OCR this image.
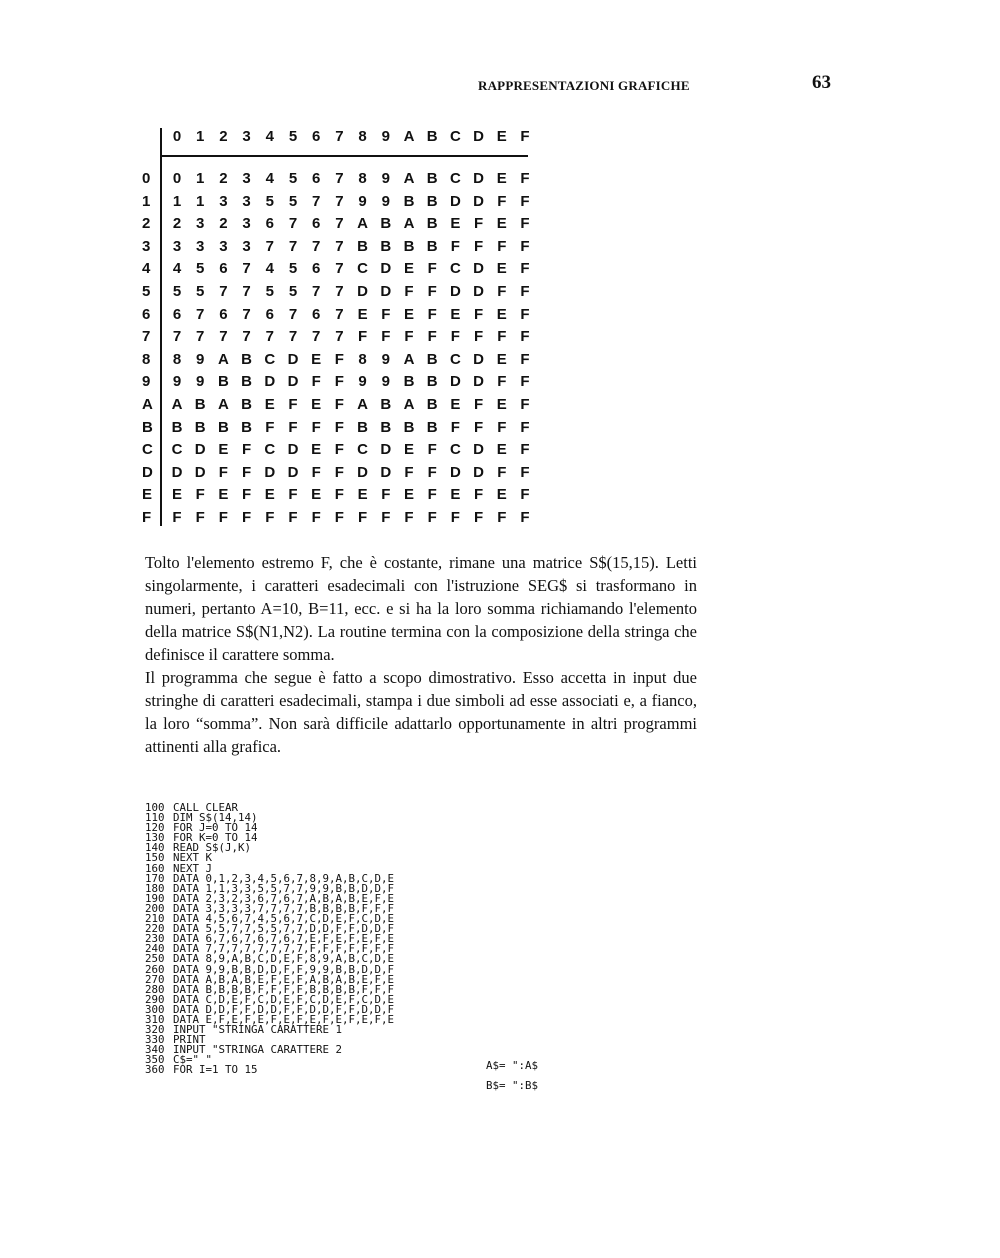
RAPPRESENTAZIONI GRAFICHE	63
0 1 2 3 4 5 6 7 8 9 A B C D E F
0	0 1 2 3 4 5 6 7 8 9 A B C D E F
1	1 1 3 3 5 5 7 7 9 9 B B D D F F
2	2 3 2 3 6 7 6 7 A B A B E F E F
3	3 3 3 3 7 7 7 7 B B B B F F F F
4	4 5 6 7 4 5 6 7 C D E F C D E F
5	5 5 7 7 5 5 7 7 D D F F D D F F
6	6 7 6 7 6 7 6 7 E F E F E F E F
7	7 7 7 7 7 7 7 7 F F F F F F F F
8	8 9 A B C D E F 8 9 A B C D E F
9	9 9 B B D D F F 9 9 B B D D F F
A	A B A B E F E F A B A B E F E F
B	B B B B F F F F B B B B F F F F
C	C D E F C D E F C D E F C D E F
D	D D F F D D F F D D F F D D F F
E	E F E F E F E F E F E F E F E F
F	F F F F F F F F F F F F F F F F

Tolto l'elemento estremo F, che è costante, rimane una matrice S$(15,15). Letti singolarmente, i caratteri esadecimali con l'istruzione SEG$ si trasformano in numeri, pertanto A=10, B=11, ecc. e si ha la loro somma richiamando l'elemento della matrice S$(N1,N2). La routine termina con la composizione della stringa che definisce il carattere somma.

Il programma che segue è fatto a scopo dimostrativo. Esso accetta in input due stringhe di caratteri esadecimali, stampa i due simboli ad esse associati e, a fianco, la loro “somma”. Non sarà difficile adattarlo opportunamente in altri programmi attinenti alla grafica.

100 CALL CLEAR
110 DIM S$(14,14)
120 FOR J=0 TO 14
130 FOR K=0 TO 14
140 READ S$(J,K)
150 NEXT K
160 NEXT J
170 DATA 0,1,2,3,4,5,6,7,8,9,A,B,C,D,E
180 DATA 1,1,3,3,5,5,7,7,9,9,B,B,D,D,F
190 DATA 2,3,2,3,6,7,6,7,A,B,A,B,E,F,E
200 DATA 3,3,3,3,7,7,7,7,B,B,B,B,F,F,F
210 DATA 4,5,6,7,4,5,6,7,C,D,E,F,C,D,E
220 DATA 5,5,7,7,5,5,7,7,D,D,F,F,D,D,F
230 DATA 6,7,6,7,6,7,6,7,E,F,E,F,E,F,E
240 DATA 7,7,7,7,7,7,7,7,F,F,F,F,F,F,F
250 DATA 8,9,A,B,C,D,E,F,8,9,A,B,C,D,E
260 DATA 9,9,B,B,D,D,F,F,9,9,B,B,D,D,F
270 DATA A,B,A,B,E,F,E,F,A,B,A,B,E,F,E
280 DATA B,B,B,B,F,F,F,F,B,B,B,B,F,F,F
290 DATA C,D,E,F,C,D,E,F,C,D,E,F,C,D,E
300 DATA D,D,F,F,D,D,F,F,D,D,F,F,D,D,F
310 DATA E,F,E,F,E,F,E,F,E,F,E,F,E,F,E
320 INPUT "STRINGA CARATTERE 1
330 PRINT
340 INPUT "STRINGA CARATTERE 2
350 C$=" "
360 FOR I=1 TO 15	A$= ":A$
B$= ":B$
